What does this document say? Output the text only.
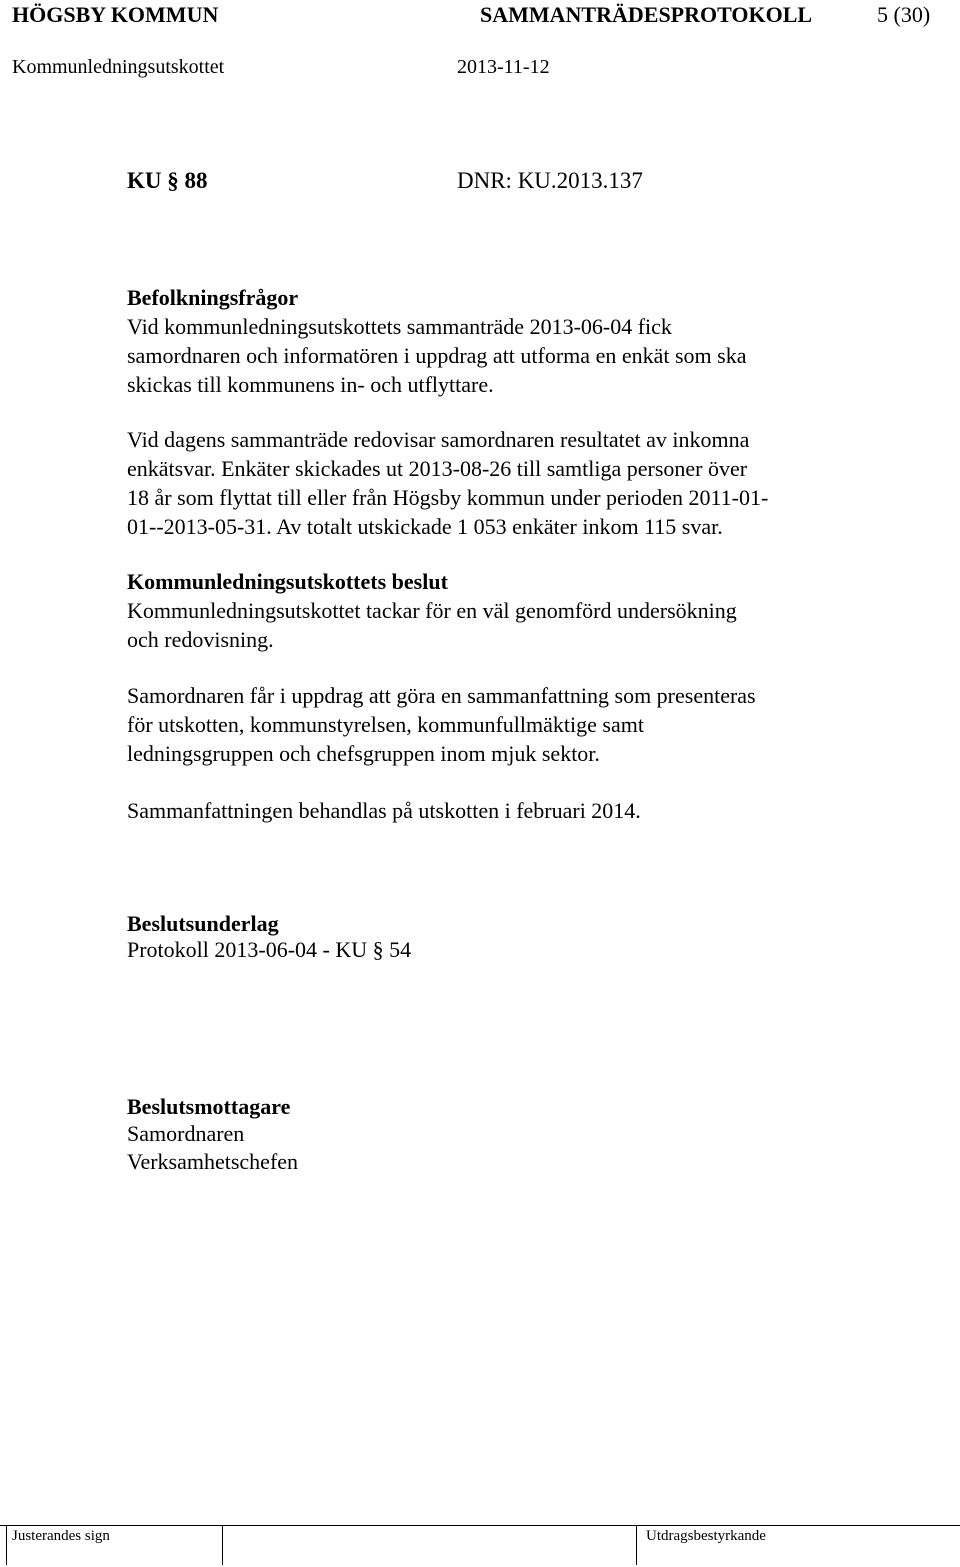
HÖGSBY KOMMUN	SAMMANTRÄDESPROTOKOLL	5 (30)
Kommunledningsutskottet	2013-11-12
KU § 88	DNR: KU.2013.137
Befolkningsfrågor
Vid kommunledningsutskottets sammanträde 2013-06-04 fick
samordnaren och informatören i uppdrag att utforma en enkät som ska
skickas till kommunens in- och utflyttare.
Vid dagens sammanträde redovisar samordnaren resultatet av inkomna
enkätsvar. Enkäter skickades ut 2013-08-26 till samtliga personer över
18 år som flyttat till eller från Högsby kommun under perioden 2011-01-
01--2013-05-31. Av totalt utskickade 1 053 enkäter inkom 115 svar.
Kommunledningsutskottets beslut
Kommunledningsutskottet tackar för en väl genomförd undersökning
och redovisning.
Samordnaren får i uppdrag att göra en sammanfattning som presenteras
för utskotten, kommunstyrelsen, kommunfullmäktige samt
ledningsgruppen och chefsgruppen inom mjuk sektor.
Sammanfattningen behandlas på utskotten i februari 2014.
Beslutsunderlag
Protokoll 2013-06-04 - KU § 54
Beslutsmottagare
Samordnaren
Verksamhetschefen
Justerandes sign	Utdragsbestyrkande
